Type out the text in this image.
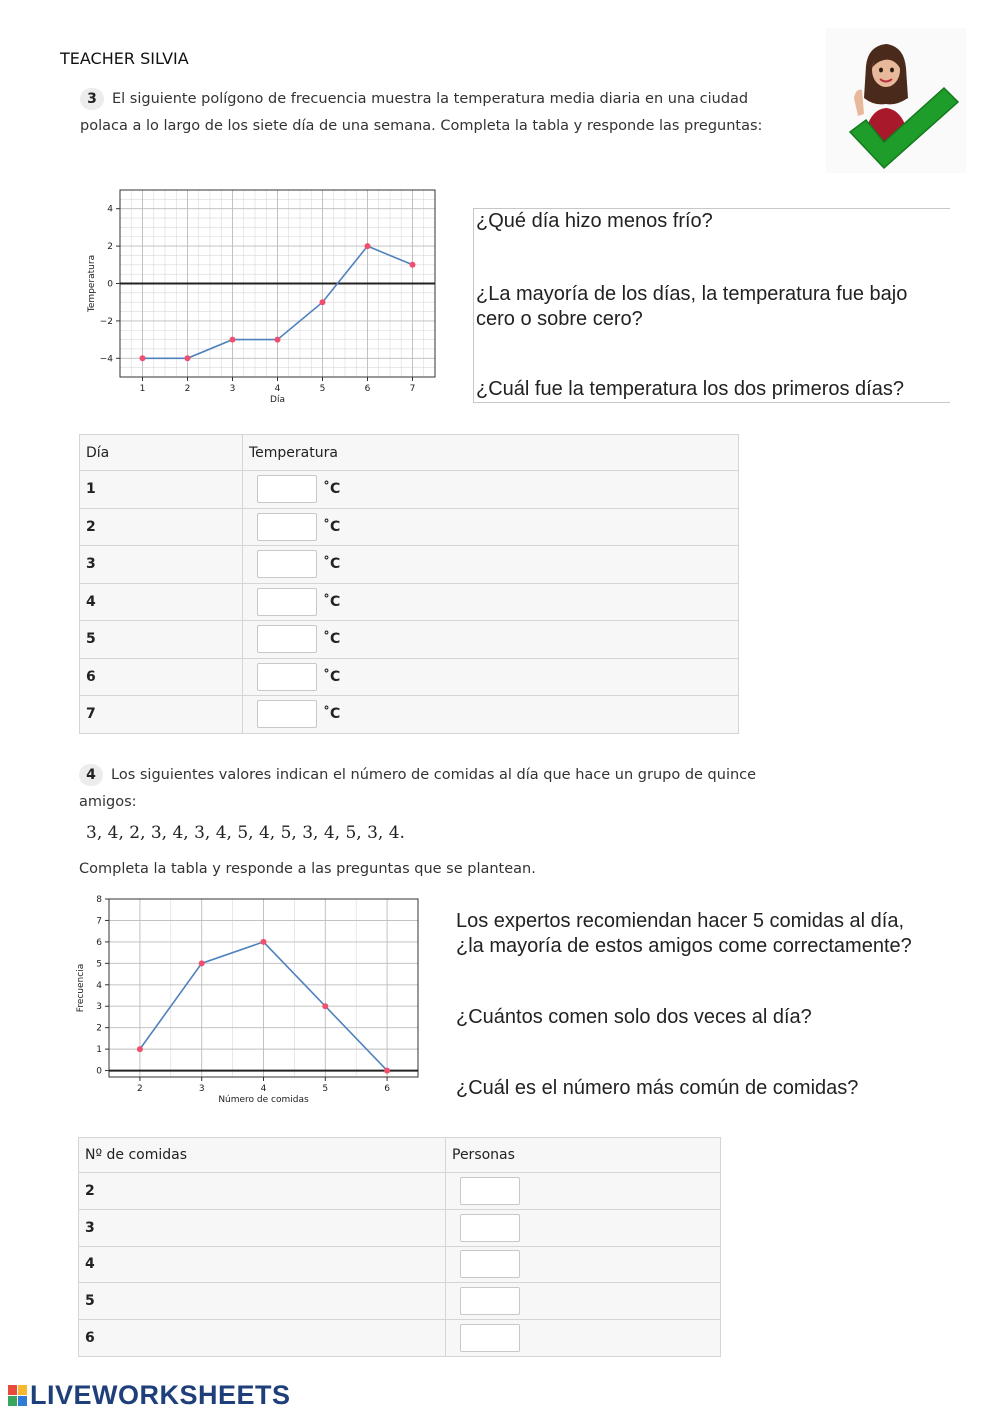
TEACHER SILVIA
3 El siguiente polígono de frecuencia muestra la temperatura media diaria en una ciudad
polaca a lo largo de los siete día de una semana. Completa la tabla y responde las preguntas:
1	2	3	4	5	6	7
−4
−2
0
2
4
Día
Temperatura
¿Qué día hizo menos frío?
¿La mayoría de los días, la temperatura fue bajo cero o sobre cero?
¿Cuál fue la temperatura los dos primeros días?
Día	Temperatura
1	˚C
2	˚C
3	˚C
4	˚C
5	˚C
6	˚C
7	˚C
4 Los siguientes valores indican el número de comidas al día que hace un grupo de quince
amigos:
3, 4, 2, 3, 4, 3, 4, 5, 4, 5, 3, 4, 5, 3, 4.
Completa la tabla y responde a las preguntas que se plantean.
2	3	4	5	6
0
1
2
3
4
5
6
7
8
Número de comidas
Frecuencia
Los expertos recomiendan hacer 5 comidas al día, ¿la mayoría de estos amigos come correctamente?
¿Cuántos comen solo dos veces al día?
¿Cuál es el número más común de comidas?
Nº de comidas	Personas
2	
3	
4	
5	
6	
LIVEWORKSHEETS
